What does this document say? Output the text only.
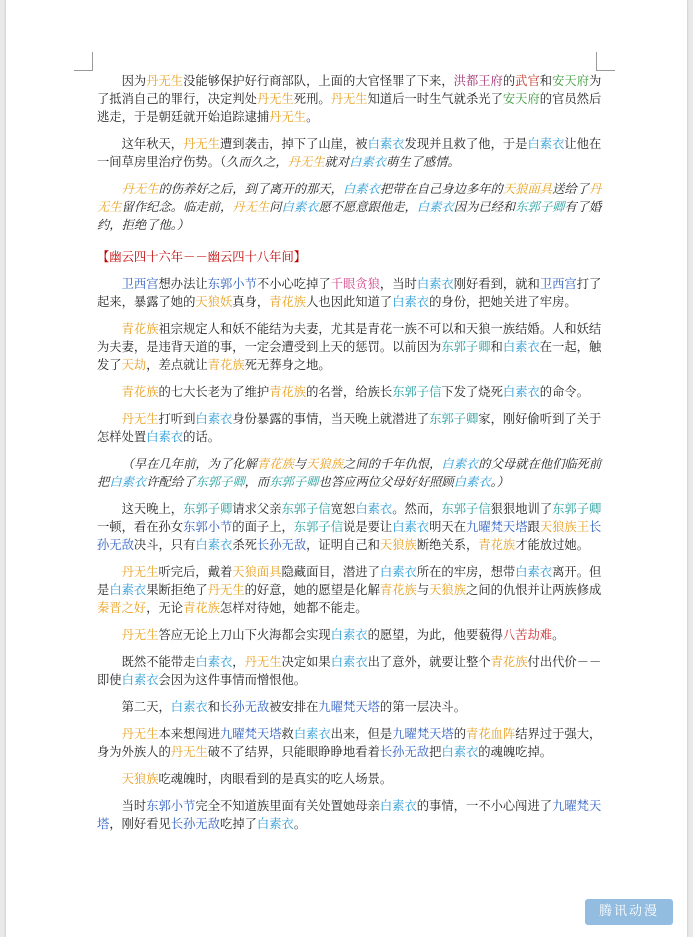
因为丹无生没能够保护好行商部队，上面的大官怪罪了下来，洪都王府的武官和安天府为了抵消自己的罪行，决定判处丹无生死刑。丹无生知道后一时生气就杀光了安天府的官员然后逃走，于是朝廷就开始追踪逮捕丹无生。

这年秋天，丹无生遭到袭击，掉下了山崖，被白素衣发现并且救了他，于是白素衣让他在一间草房里治疗伤势。（久而久之，丹无生就对白素衣萌生了感情。

丹无生的伤养好之后，到了离开的那天，白素衣把带在自己身边多年的天狼面具送给了丹无生留作纪念。临走前，丹无生问白素衣愿不愿意跟他走，白素衣因为已经和东郭子卿有了婚约，拒绝了他。）

【幽云四十六年－－幽云四十八年间】

卫西宫想办法让东郭小节不小心吃掉了千眼贪狼，当时白素衣刚好看到，就和卫西宫打了起来，暴露了她的天狼妖真身，青花族人也因此知道了白素衣的身份，把她关进了牢房。

青花族祖宗规定人和妖不能结为夫妻，尤其是青花一族不可以和天狼一族结婚。人和妖结为夫妻，是违背天道的事，一定会遭受到上天的惩罚。以前因为东郭子卿和白素衣在一起，触发了天劫，差点就让青花族死无葬身之地。

青花族的七大长老为了维护青花族的名誉，给族长东郭子信下发了烧死白素衣的命令。

丹无生打听到白素衣身份暴露的事情，当天晚上就潜进了东郭子卿家，刚好偷听到了关于怎样处置白素衣的话。

（早在几年前，为了化解青花族与天狼族之间的千年仇恨，白素衣的父母就在他们临死前把白素衣许配给了东郭子卿，而东郭子卿也答应两位父母好好照顾白素衣。）

这天晚上，东郭子卿请求父亲东郭子信宽恕白素衣。然而，东郭子信狠狠地训了东郭子卿一顿，看在孙女东郭小节的面子上，东郭子信说是要让白素衣明天在九曜梵天塔跟天狼族王长孙无敌决斗，只有白素衣杀死长孙无敌，证明自己和天狼族断绝关系，青花族才能放过她。

丹无生听完后，戴着天狼面具隐藏面目，潜进了白素衣所在的牢房，想带白素衣离开。但是白素衣果断拒绝了丹无生的好意，她的愿望是化解青花族与天狼族之间的仇恨并让两族修成秦晋之好，无论青花族怎样对待她，她都不能走。

丹无生答应无论上刀山下火海都会实现白素衣的愿望，为此，他要藐得八苦劫难。

既然不能带走白素衣，丹无生决定如果白素衣出了意外，就要让整个青花族付出代价－－即使白素衣会因为这件事情而憎恨他。

第二天，白素衣和长孙无敌被安排在九曜梵天塔的第一层决斗。

丹无生本来想闯进九曜梵天塔救白素衣出来，但是九曜梵天塔的青花血阵结界过于强大，身为外族人的丹无生破不了结界，只能眼睁睁地看着长孙无敌把白素衣的魂魄吃掉。

天狼族吃魂魄时，肉眼看到的是真实的吃人场景。

当时东郭小节完全不知道族里面有关处置她母亲白素衣的事情，一不小心闯进了九曜梵天塔，刚好看见长孙无敌吃掉了白素衣。

腾讯动漫
